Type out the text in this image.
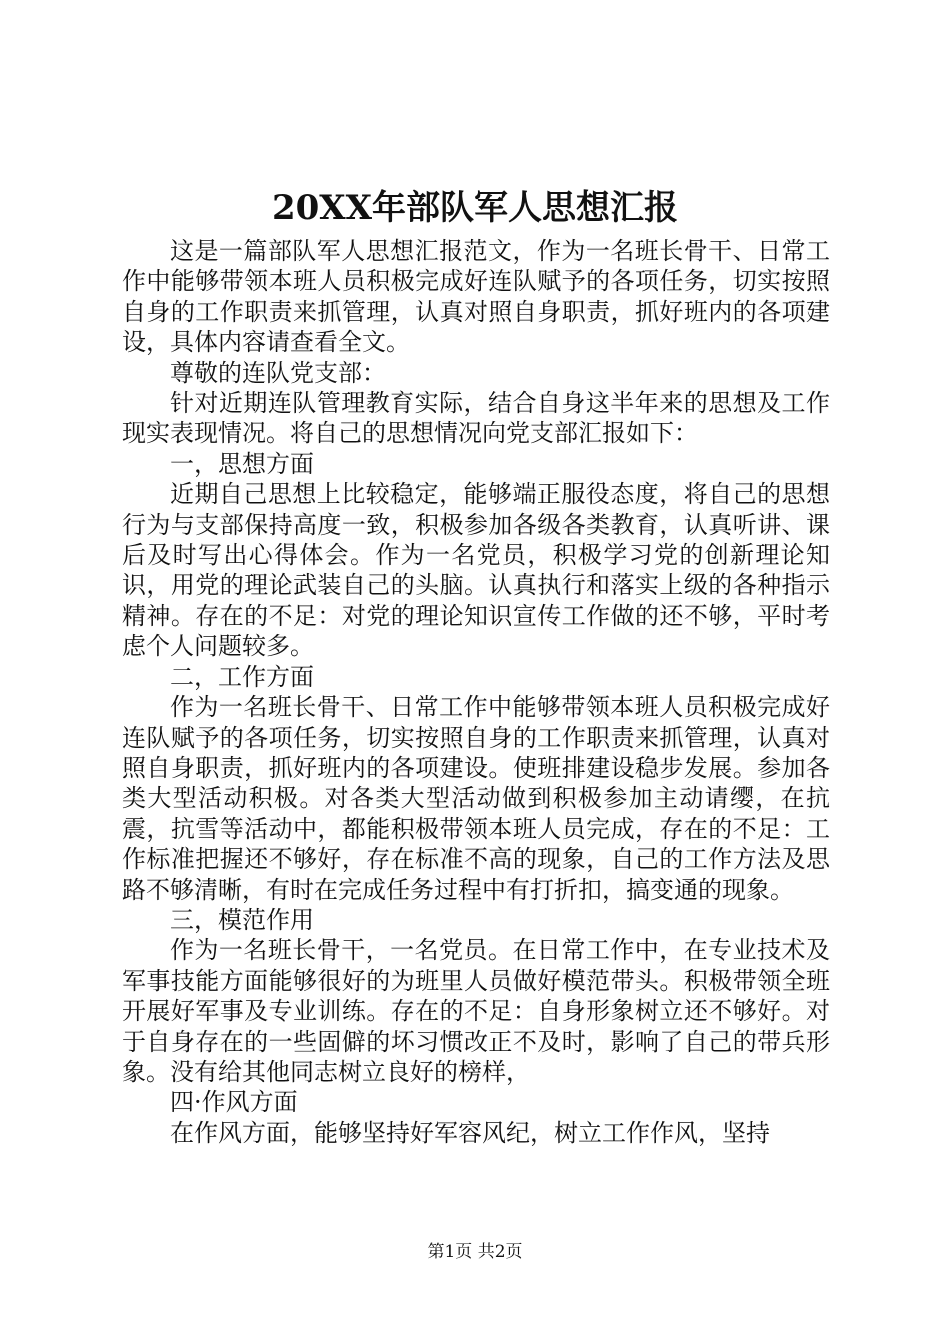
20XX年部队军人思想汇报

这是一篇部队军人思想汇报范文，作为一名班长骨干、日常工作中能够带领本班人员积极完成好连队赋予的各项任务，切实按照自身的工作职责来抓管理，认真对照自身职责，抓好班内的各项建设，具体内容请查看全文。

尊敬的连队党支部：

针对近期连队管理教育实际，结合自身这半年来的思想及工作现实表现情况。将自己的思想情况向党支部汇报如下：

一，思想方面

近期自己思想上比较稳定，能够端正服役态度，将自己的思想行为与支部保持高度一致，积极参加各级各类教育，认真听讲、课后及时写出心得体会。作为一名党员，积极学习党的创新理论知识，用党的理论武装自己的头脑。认真执行和落实上级的各种指示精神。存在的不足：对党的理论知识宣传工作做的还不够，平时考虑个人问题较多。

二，工作方面

作为一名班长骨干、日常工作中能够带领本班人员积极完成好连队赋予的各项任务，切实按照自身的工作职责来抓管理，认真对照自身职责，抓好班内的各项建设。使班排建设稳步发展。参加各类大型活动积极。对各类大型活动做到积极参加主动请缨，在抗震，抗雪等活动中，都能积极带领本班人员完成，存在的不足：工作标准把握还不够好，存在标准不高的现象，自己的工作方法及思路不够清晰，有时在完成任务过程中有打折扣，搞变通的现象。

三，模范作用

作为一名班长骨干，一名党员。在日常工作中，在专业技术及军事技能方面能够很好的为班里人员做好模范带头。积极带领全班开展好军事及专业训练。存在的不足：自身形象树立还不够好。对于自身存在的一些固僻的坏习惯改正不及时，影响了自己的带兵形象。没有给其他同志树立良好的榜样，

四·作风方面

在作风方面，能够坚持好军容风纪，树立工作作风，坚持

第1页 共2页
